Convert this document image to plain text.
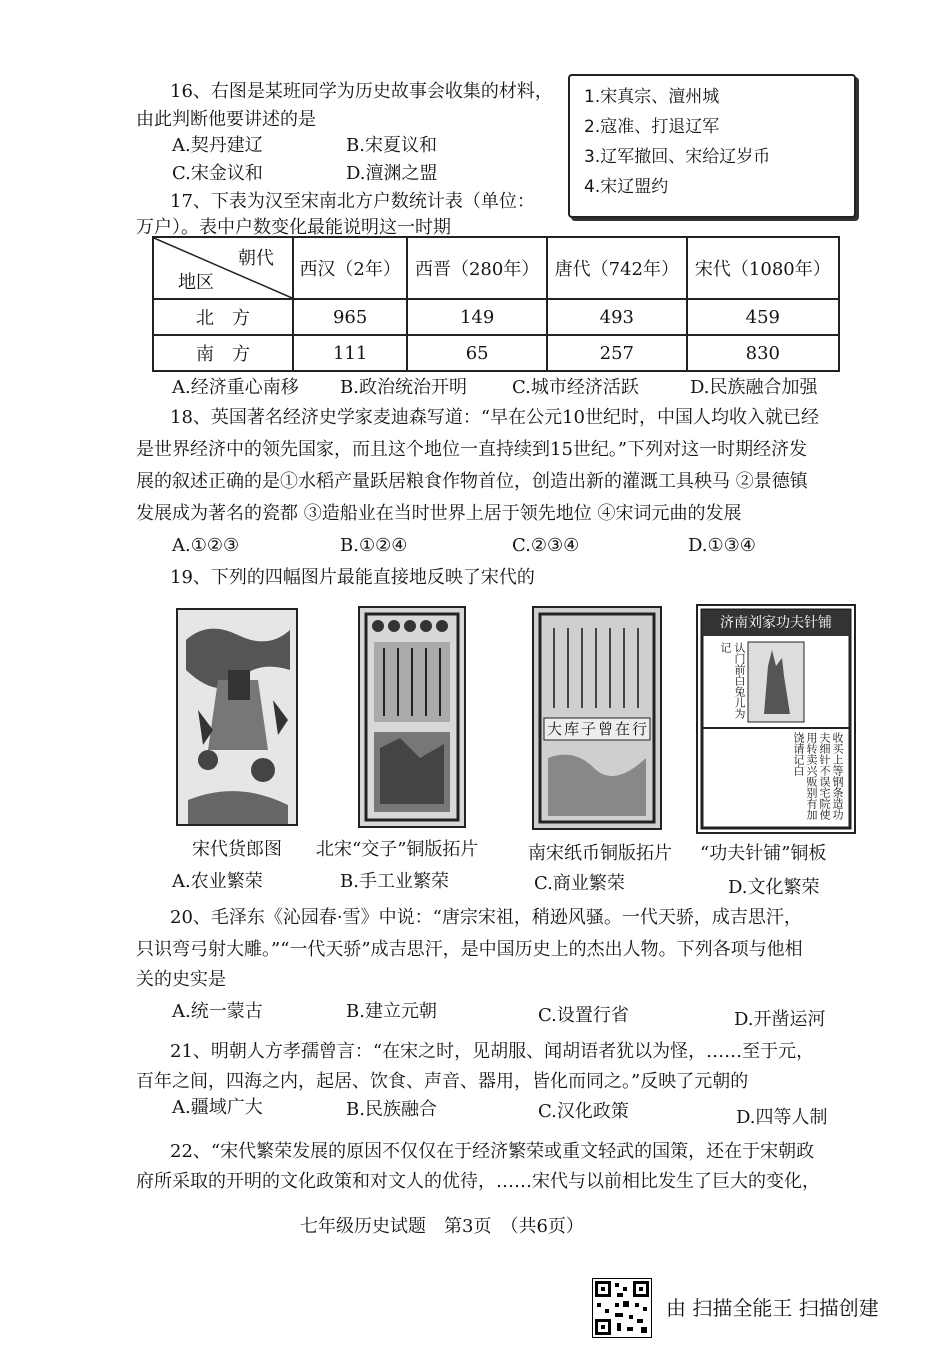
16、右图是某班同学为历史故事会收集的材料，
由此判断他要讲述的是
A.契丹建辽	B.宋夏议和
C.宋金议和	D.澶渊之盟
1.宋真宗、澶州城
2.寇准、打退辽军
3.辽军撤回、宋给辽岁币
4.宋辽盟约
17、下表为汉至宋南北方户数统计表（单位：
万户）。表中户数变化最能说明这一时期
朝代
地区	西汉（2年）	西晋（280年）	唐代（742年）	宋代（1080年）
北　方	965	149	493	459
南　方	111	65	257	830
A.经济重心南移 B.政治统治开明	C.城市经济活跃	D.民族融合加强
18、英国著名经济史学家麦迪森写道：“早在公元10世纪时，中国人均收入就已经
是世界经济中的领先国家，而且这个地位一直持续到15世纪。”下列对这一时期经济发
展的叙述正确的是①水稻产量跃居粮食作物首位，创造出新的灌溉工具秧马 ②景德镇
发展成为著名的瓷都 ③造船业在当时世界上居于领先地位 ④宋词元曲的发展
A.①②③	B.①②④	C.②③④	D.①③④
19、下列的四幅图片最能直接地反映了宋代的
大库子曾在行
济南刘家功夫针铺
认门前白兔儿为记
收买上等钢条造功夫细针不误宅院使用转卖兴贩别有加饶请记白
宋代货郎图 北宋“交子”铜版拓片	南宋纸币铜版拓片 “功夫针铺”铜板
A.农业繁荣	B.手工业繁荣	C.商业繁荣	D.文化繁荣
20、毛泽东《沁园春·雪》中说：“唐宗宋祖，稍逊风骚。一代天骄，成吉思汗，
只识弯弓射大雕。”“一代天骄”成吉思汗，是中国历史上的杰出人物。下列各项与他相
关的史实是
A.统一蒙古	B.建立元朝	C.设置行省	D.开凿运河
21、明朝人方孝孺曾言：“在宋之时，见胡服、闻胡语者犹以为怪，……至于元，
百年之间，四海之内，起居、饮食、声音、器用，皆化而同之。”反映了元朝的
A.疆域广大	B.民族融合	C.汉化政策	D.四等人制
22、“宋代繁荣发展的原因不仅仅在于经济繁荣或重文轻武的国策，还在于宋朝政
府所采取的开明的文化政策和对文人的优待，……宋代与以前相比发生了巨大的变化，
七年级历史试题　第3页　（共6页）
由 扫描全能王 扫描创建
